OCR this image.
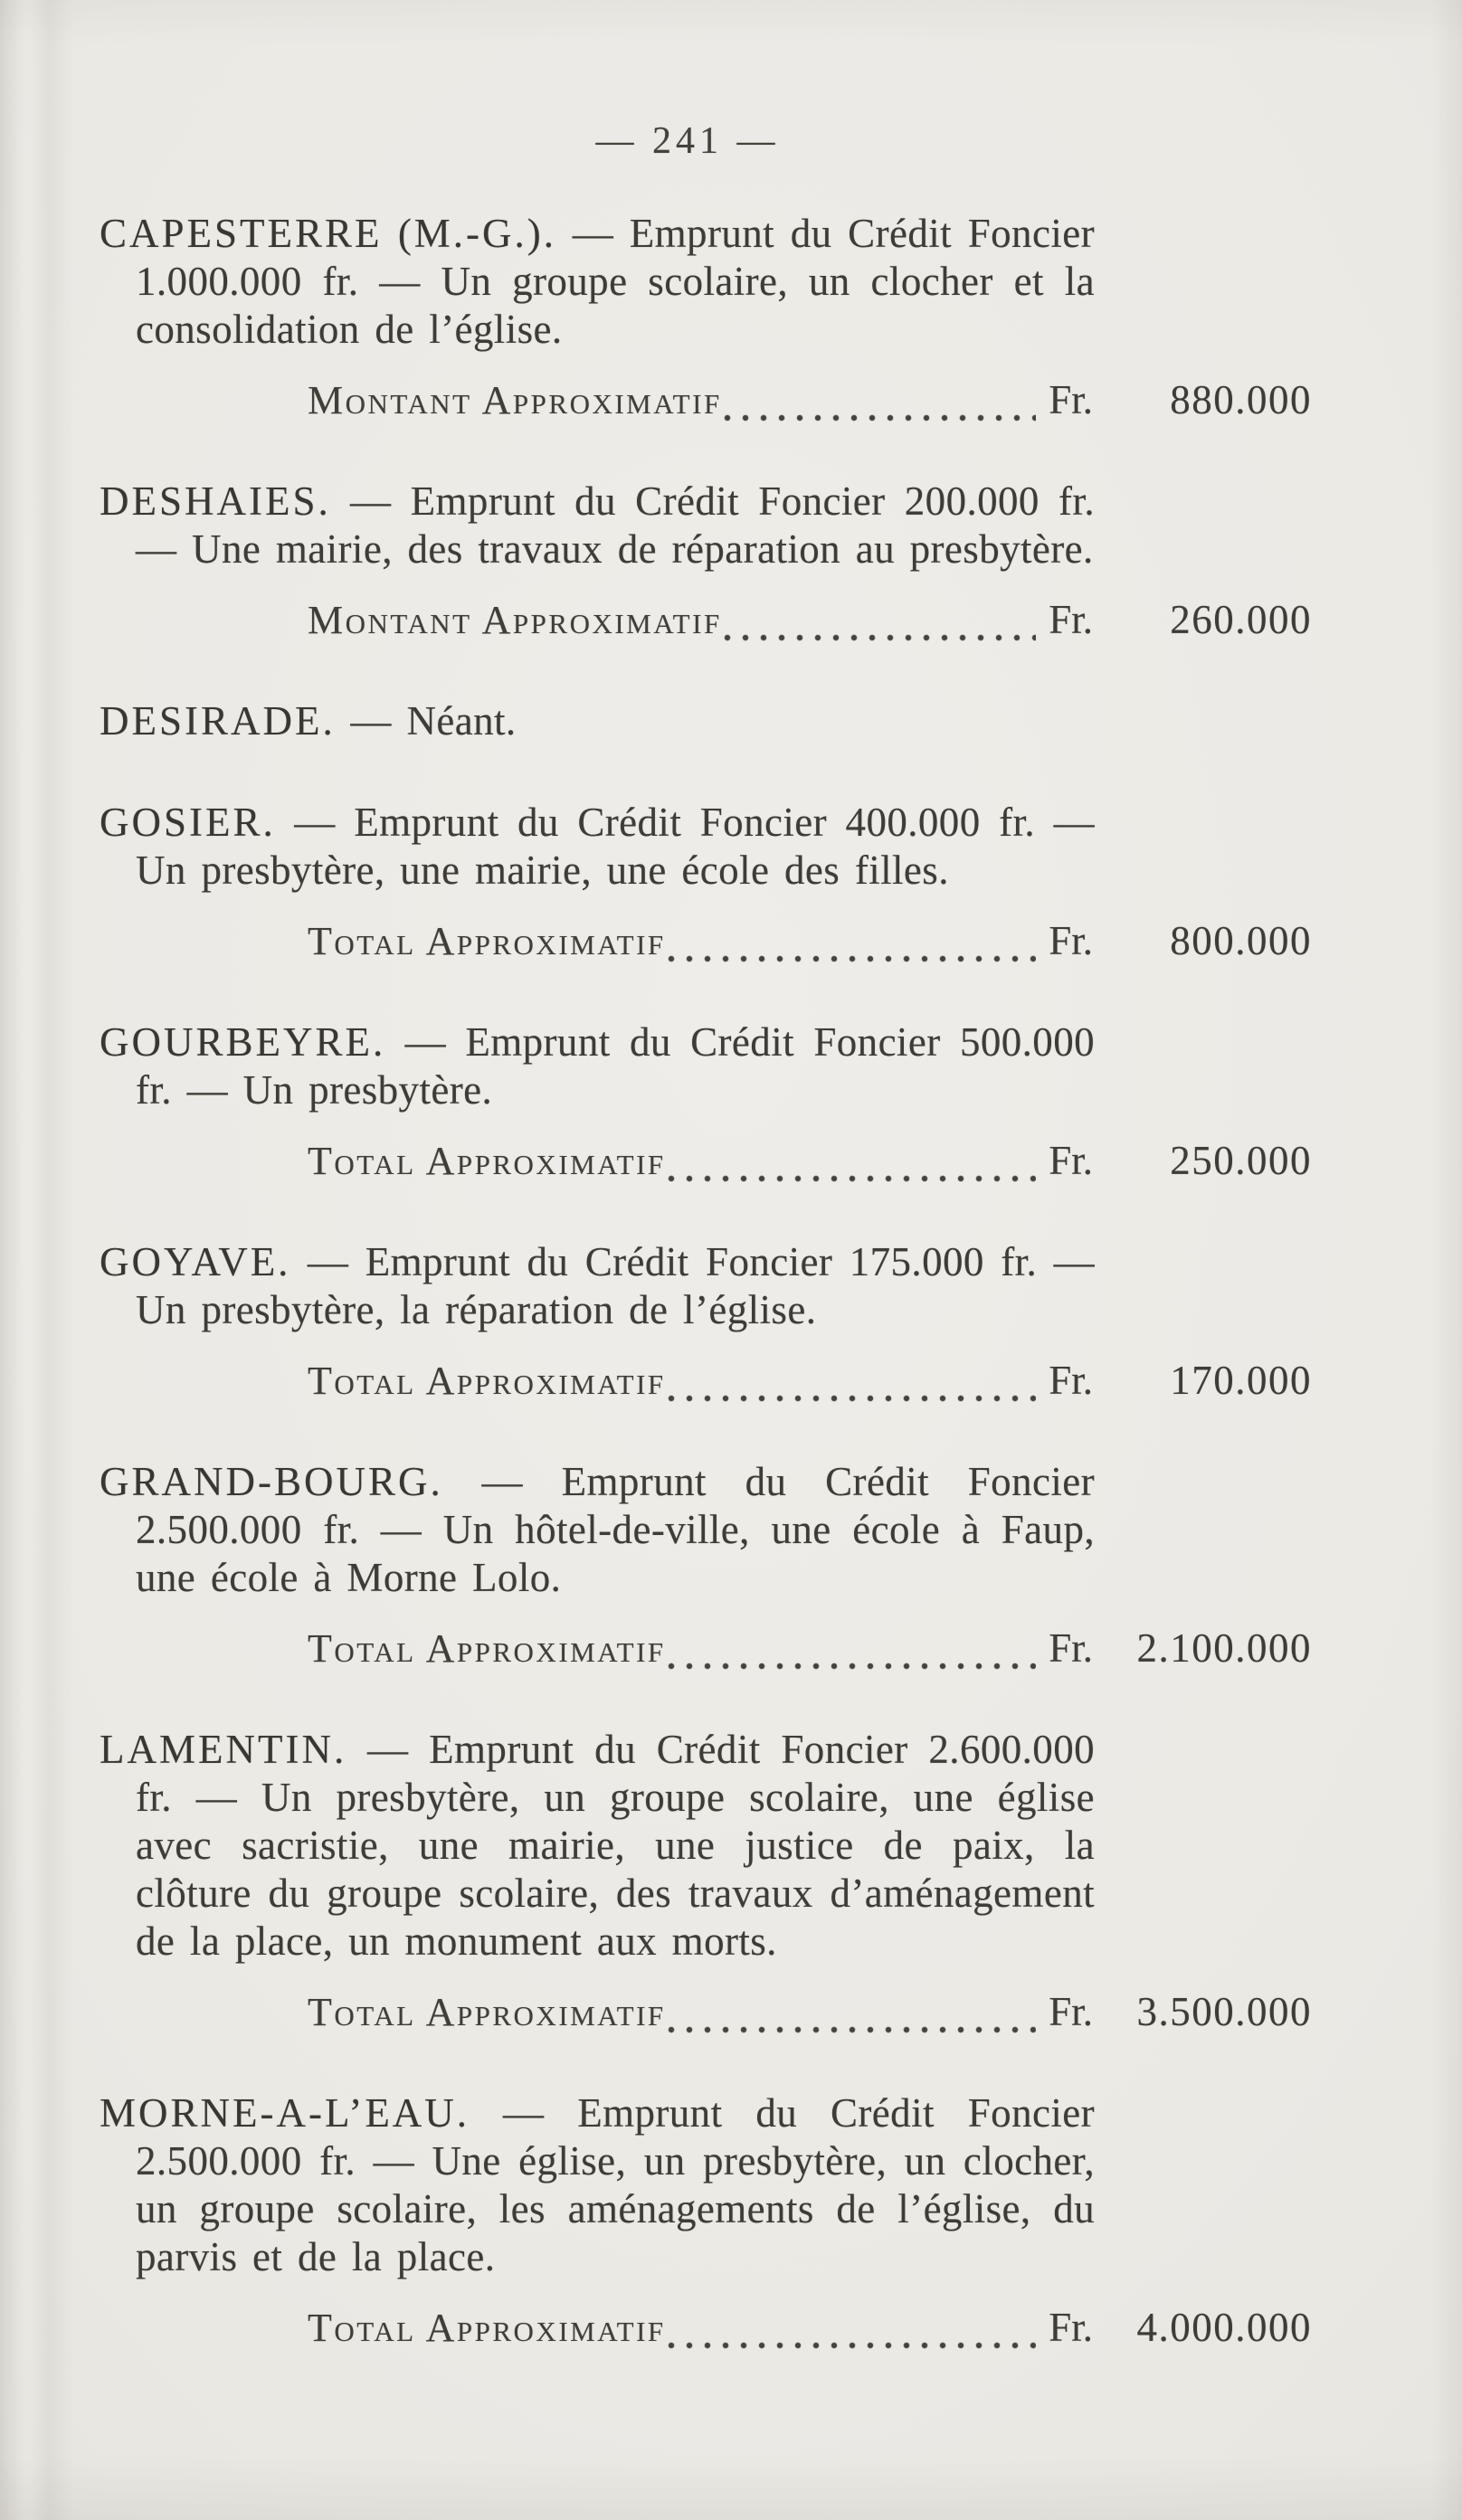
— 241 —

CAPESTERRE (M.-G.). — Emprunt du Crédit Foncier 1.000.000 fr. — Un groupe scolaire, un clocher et la consolidation de l’église.

Montant Approximatif	Fr.	880.000

DESHAIES. — Emprunt du Crédit Foncier 200.000 fr. — Une mairie, des travaux de réparation au presbytère.

Montant Approximatif	Fr.	260.000

DESIRADE. — Néant.

GOSIER. — Emprunt du Crédit Foncier 400.000 fr. — Un presbytère, une mairie, une école des filles.

Total Approximatif	Fr.	800.000

GOURBEYRE. — Emprunt du Crédit Foncier 500.000 fr. — Un presbytère.

Total Approximatif	Fr.	250.000

GOYAVE. — Emprunt du Crédit Foncier 175.000 fr. — Un presbytère, la réparation de l’église.

Total Approximatif	Fr.	170.000

GRAND-BOURG. — Emprunt du Crédit Foncier 2.500.000 fr. — Un hôtel-de-ville, une école à Faup, une école à Morne Lolo.

Total Approximatif	Fr.	2.100.000

LAMENTIN. — Emprunt du Crédit Foncier 2.600.000 fr. — Un presbytère, un groupe scolaire, une église avec sacristie, une mairie, une justice de paix, la clôture du groupe scolaire, des travaux d’aménagement de la place, un monument aux morts.

Total Approximatif	Fr.	3.500.000

MORNE-A-L’EAU. — Emprunt du Crédit Foncier 2.500.000 fr. — Une église, un presbytère, un clocher, un groupe scolaire, les aménagements de l’église, du parvis et de la place.

Total Approximatif	Fr.	4.000.000
